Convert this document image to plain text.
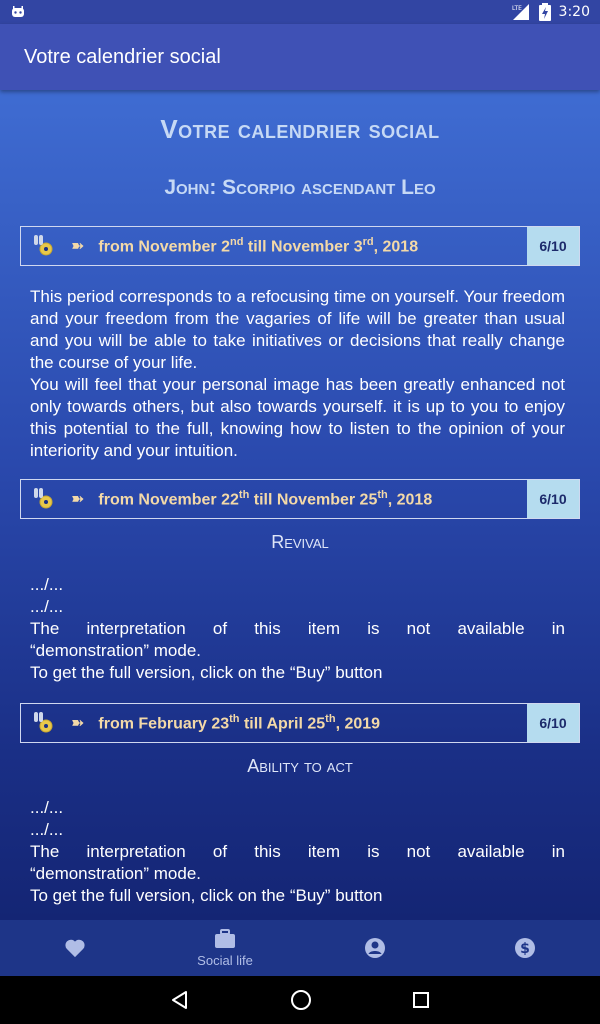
LTE	3:20
Votre calendrier social
Votre calendrier social
John: Scorpio ascendant Leo
➽ from November 2nd till November 3rd, 2018	6/10
This period corresponds to a refocusing time on yourself. Your freedom and your freedom from the vagaries of life will be greater than usual and you will be able to take initiatives or decisions that really change the course of your life.
You will feel that your personal image has been greatly enhanced not only towards others, but also towards yourself. it is up to you to enjoy this potential to the full, knowing how to listen to the opinion of your interiority and your intuition.
➽ from November 22th till November 25th, 2018	6/10
Revival
.../...
.../...
The interpretation of this item is not available in
“demonstration” mode.
To get the full version, click on the “Buy” button
➽ from February 23th till April 25th, 2019	6/10
Ability to act
.../...
.../...
The interpretation of this item is not available in
“demonstration” mode.
To get the full version, click on the “Buy” button
Social life
$
